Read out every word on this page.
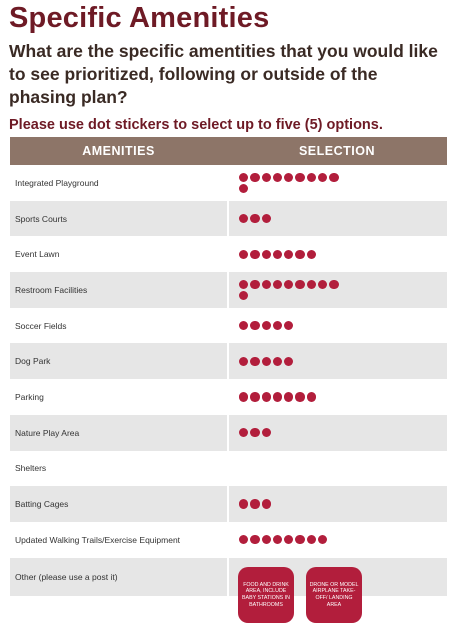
Specific Amenities
What are the specific amentities that you would like to see prioritized, following or outside of the phasing plan?
Please use dot stickers to select up to five (5) options.
AMENITIES	SELECTION
Integrated Playground
Sports Courts
Event Lawn
Restroom Facilities
Soccer Fields
Dog Park
Parking
Nature Play Area
Shelters
Batting Cages
Updated Walking Trails/Exercise Equipment
Other (please use a post it)
FOOD AND DRINK AREA, INCLUDE BABY STATIONS IN BATHROOMS
DRONE OR MODEL AIRPLANE TAKE-OFF/ LANDING AREA
